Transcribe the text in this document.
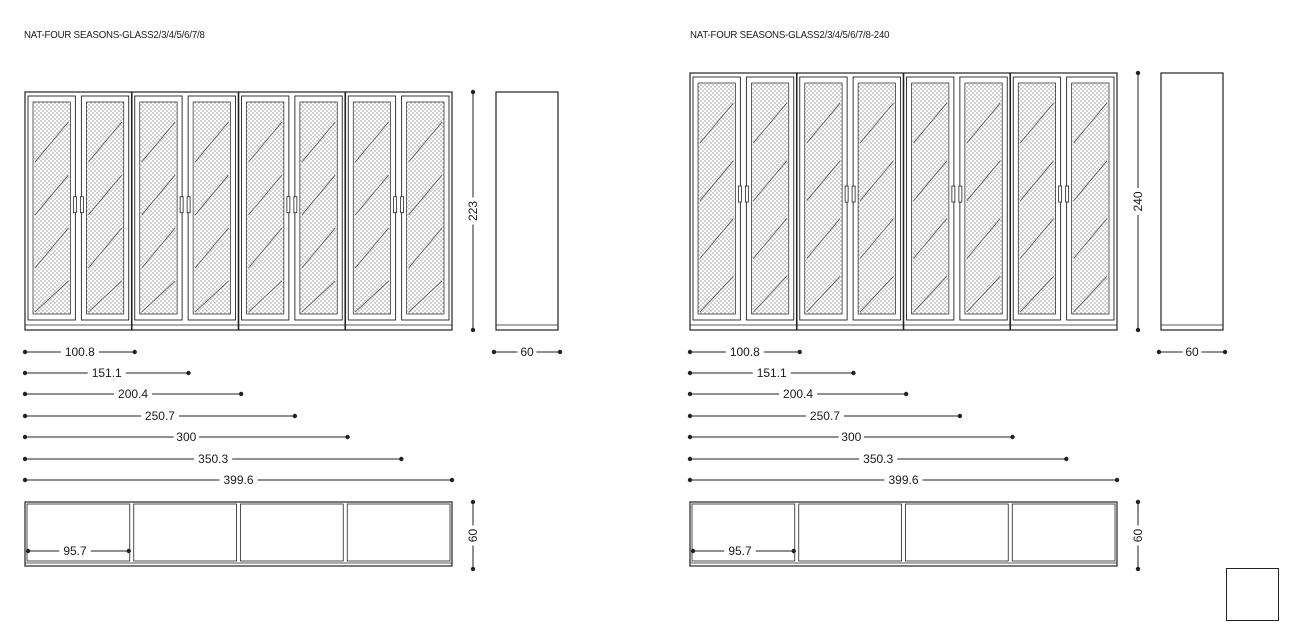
NAT-FOUR SEASONS-GLASS2/3/4/5/6/7/8	NAT-FOUR SEASONS-GLASS2/3/4/5/6/7/8-240
223
60
100.8
151.1
200.4
250.7
300
350.3
399.6
95.7
60
240
60
100.8
151.1
200.4
250.7
300
350.3
399.6
95.7
60
